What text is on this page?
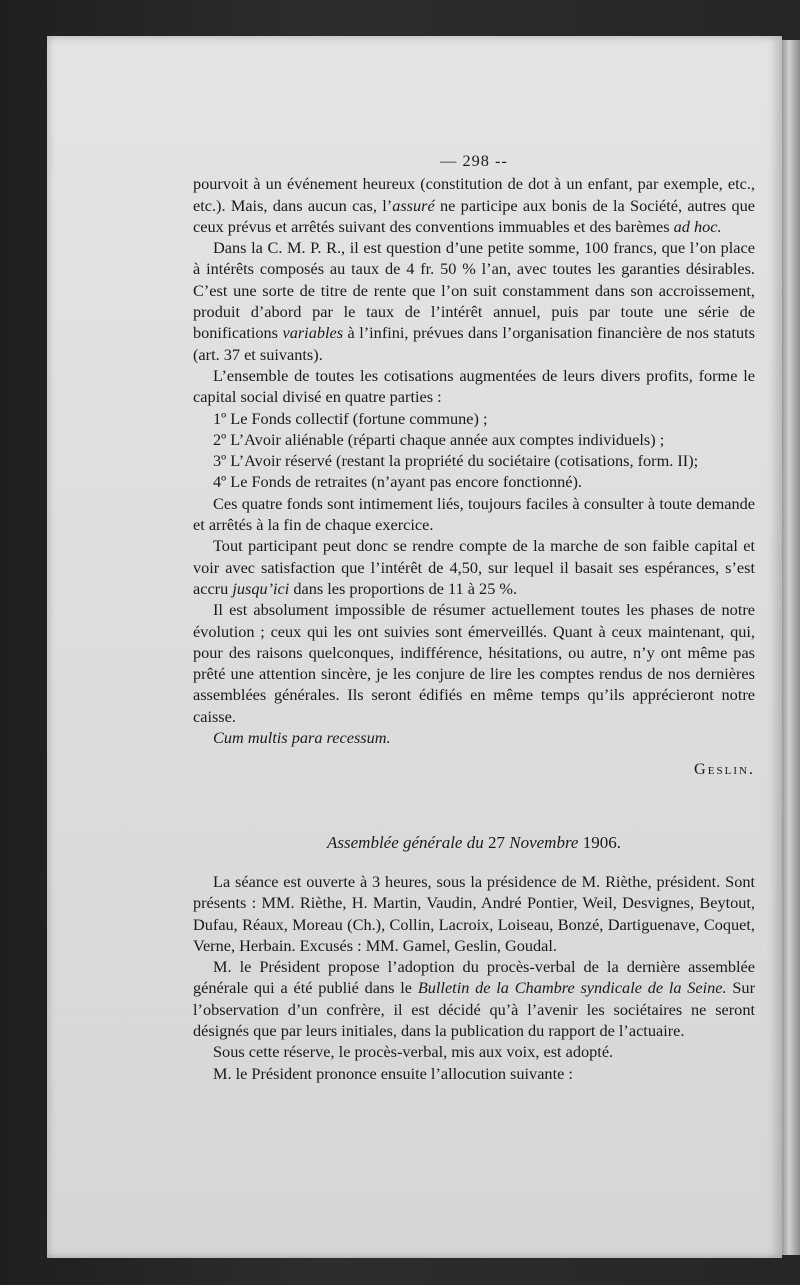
— 298 --

pourvoit à un événement heureux (constitution de dot à un enfant, par exemple, etc., etc.). Mais, dans aucun cas, l’assuré ne participe aux bonis de la Société, autres que ceux prévus et arrêtés suivant des conventions immuables et des barèmes ad hoc.

Dans la C. M. P. R., il est question d’une petite somme, 100 francs, que l’on place à intérêts composés au taux de 4 fr. 50 % l’an, avec toutes les garanties désirables. C’est une sorte de titre de rente que l’on suit constamment dans son accroissement, produit d’abord par le taux de l’intérêt annuel, puis par toute une série de bonifications variables à l’infini, prévues dans l’organisation financière de nos statuts (art. 37 et suivants).

L’ensemble de toutes les cotisations augmentées de leurs divers profits, forme le capital social divisé en quatre parties :

1º Le Fonds collectif (fortune commune) ;

2º L’Avoir aliénable (réparti chaque année aux comptes individuels) ;

3º L’Avoir réservé (restant la propriété du sociétaire (cotisations, form. II);

4º Le Fonds de retraites (n’ayant pas encore fonctionné).

Ces quatre fonds sont intimement liés, toujours faciles à consulter à toute demande et arrêtés à la fin de chaque exercice.

Tout participant peut donc se rendre compte de la marche de son faible capital et voir avec satisfaction que l’intérêt de 4,50, sur lequel il basait ses espérances, s’est accru jusqu’ici dans les proportions de 11 à 25 %.

Il est absolument impossible de résumer actuellement toutes les phases de notre évolution ; ceux qui les ont suivies sont émerveillés. Quant à ceux maintenant, qui, pour des raisons quelconques, indifférence, hésitations, ou autre, n’y ont même pas prêté une attention sincère, je les conjure de lire les comptes rendus de nos dernières assemblées générales. Ils seront édifiés en même temps qu’ils apprécieront notre caisse.

Cum multis para recessum.

Geslin.
Assemblée générale du 27 Novembre 1906.

La séance est ouverte à 3 heures, sous la présidence de M. Rièthe, président. Sont présents : MM. Rièthe, H. Martin, Vaudin, André Pontier, Weil, Desvignes, Beytout, Dufau, Réaux, Moreau (Ch.), Collin, Lacroix, Loiseau, Bonzé, Dartiguenave, Coquet, Verne, Herbain. Excusés : MM. Gamel, Geslin, Goudal.

M. le Président propose l’adoption du procès-verbal de la dernière assemblée générale qui a été publié dans le Bulletin de la Chambre syndicale de la Seine. Sur l’observation d’un confrère, il est décidé qu’à l’avenir les sociétaires ne seront désignés que par leurs initiales, dans la publication du rapport de l’actuaire.

Sous cette réserve, le procès-verbal, mis aux voix, est adopté.

M. le Président prononce ensuite l’allocution suivante :
